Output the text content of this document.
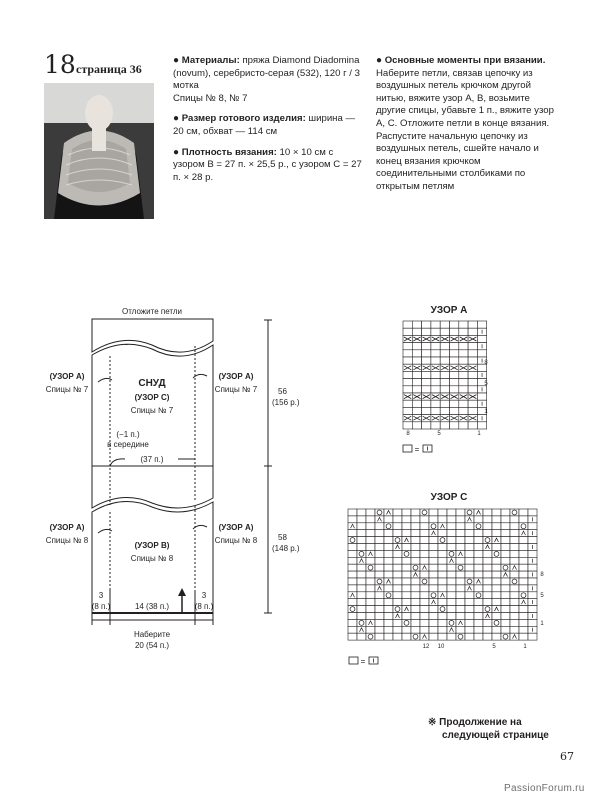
18 страница 36

● Материалы: пряжа Diamond Diadomina (novum), серебристо-серая (532), 120 г / 3 мотка
Спицы № 8, № 7

● Размер готового изделия: ширина — 20 см, обхват — 114 см

● Плотность вязания: 10 × 10 см с узором В = 27 п. × 25,5 р., с узором С = 27 п. × 28 р.

● Основные моменты при вязании.
Наберите петли, связав цепочку из воздушных петель крючком другой нитью, вяжите узор А, В, возьмите другие спицы, убавьте 1 п., вяжите узор А, С. Отложите петли в конце вязания. Распустите начальную цепочку из воздушных петель, сшейте начало и конец вязания крючком соединительными столбиками по открытым петлям

Отложите петли
СНУД
(УЗОР С)
Спицы № 7
(УЗОР А)
Спицы № 7
(УЗОР А)
Спицы № 7
(−1 п.)
в середине
(37 п.)
56
(156 р.)
(УЗОР В)
Спицы № 8
(УЗОР А)
Спицы № 8
(УЗОР А)
Спицы № 8	58
(148 р.)
3
(8 п.)
3
(8 п.)
14 (38 п.)
Наберите
20 (54 п.)
УЗОР А
8	5	1
8
5
1
=
УЗОР С
12 10	5	1
8
5
1
=
※ Продолжение на
следующей странице
67
PassionForum.ru
